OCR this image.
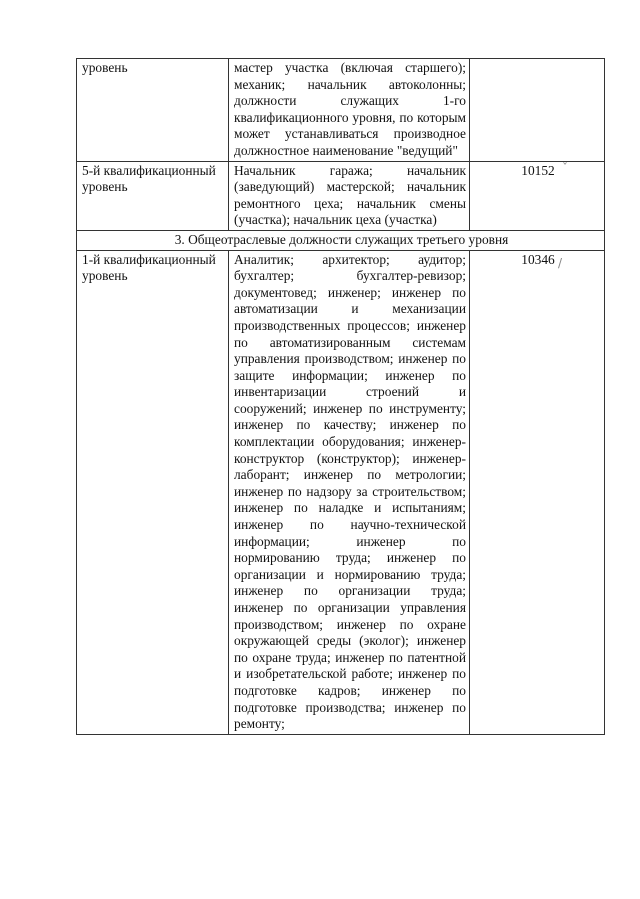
уровень	мастер участка (включая старшего); механик; начальник автоколонны; должности служащих 1-го квалификационного уровня, по которым может устанавливаться производное должностное наименование "ведущий"	
5-й квалификационный уровень	Начальник гаража; начальник (заведующий) мастерской; начальник ремонтного цеха; начальник смены (участка); начальник цеха (участка)	10152 ˇ

3. Общеотраслевые должности служащих третьего уровня		
1-й квалификационный уровень	Аналитик; архитектор; аудитор; бухгалтер; бухгалтер-ревизор; документовед; инженер; инженер по автоматизации и механизации производственных процессов; инженер по автоматизированным системам управления производством; инженер по защите информации; инженер по инвентаризации строений и сооружений; инженер по инструменту; инженер по качеству; инженер по комплектации оборудования; инженер-конструктор (конструктор); инженер-лаборант; инженер по метрологии; инженер по надзору за строительством; инженер по наладке и испытаниям; инженер по научно-технической информации; инженер по нормированию труда; инженер по организации и нормированию труда; инженер по организации труда; инженер по организации управления производством; инженер по охране окружающей среды (эколог); инженер по охране труда; инженер по патентной и изобретательской работе; инженер по подготовке кадров; инженер по подготовке производства; инженер по ремонту;	10346 /
